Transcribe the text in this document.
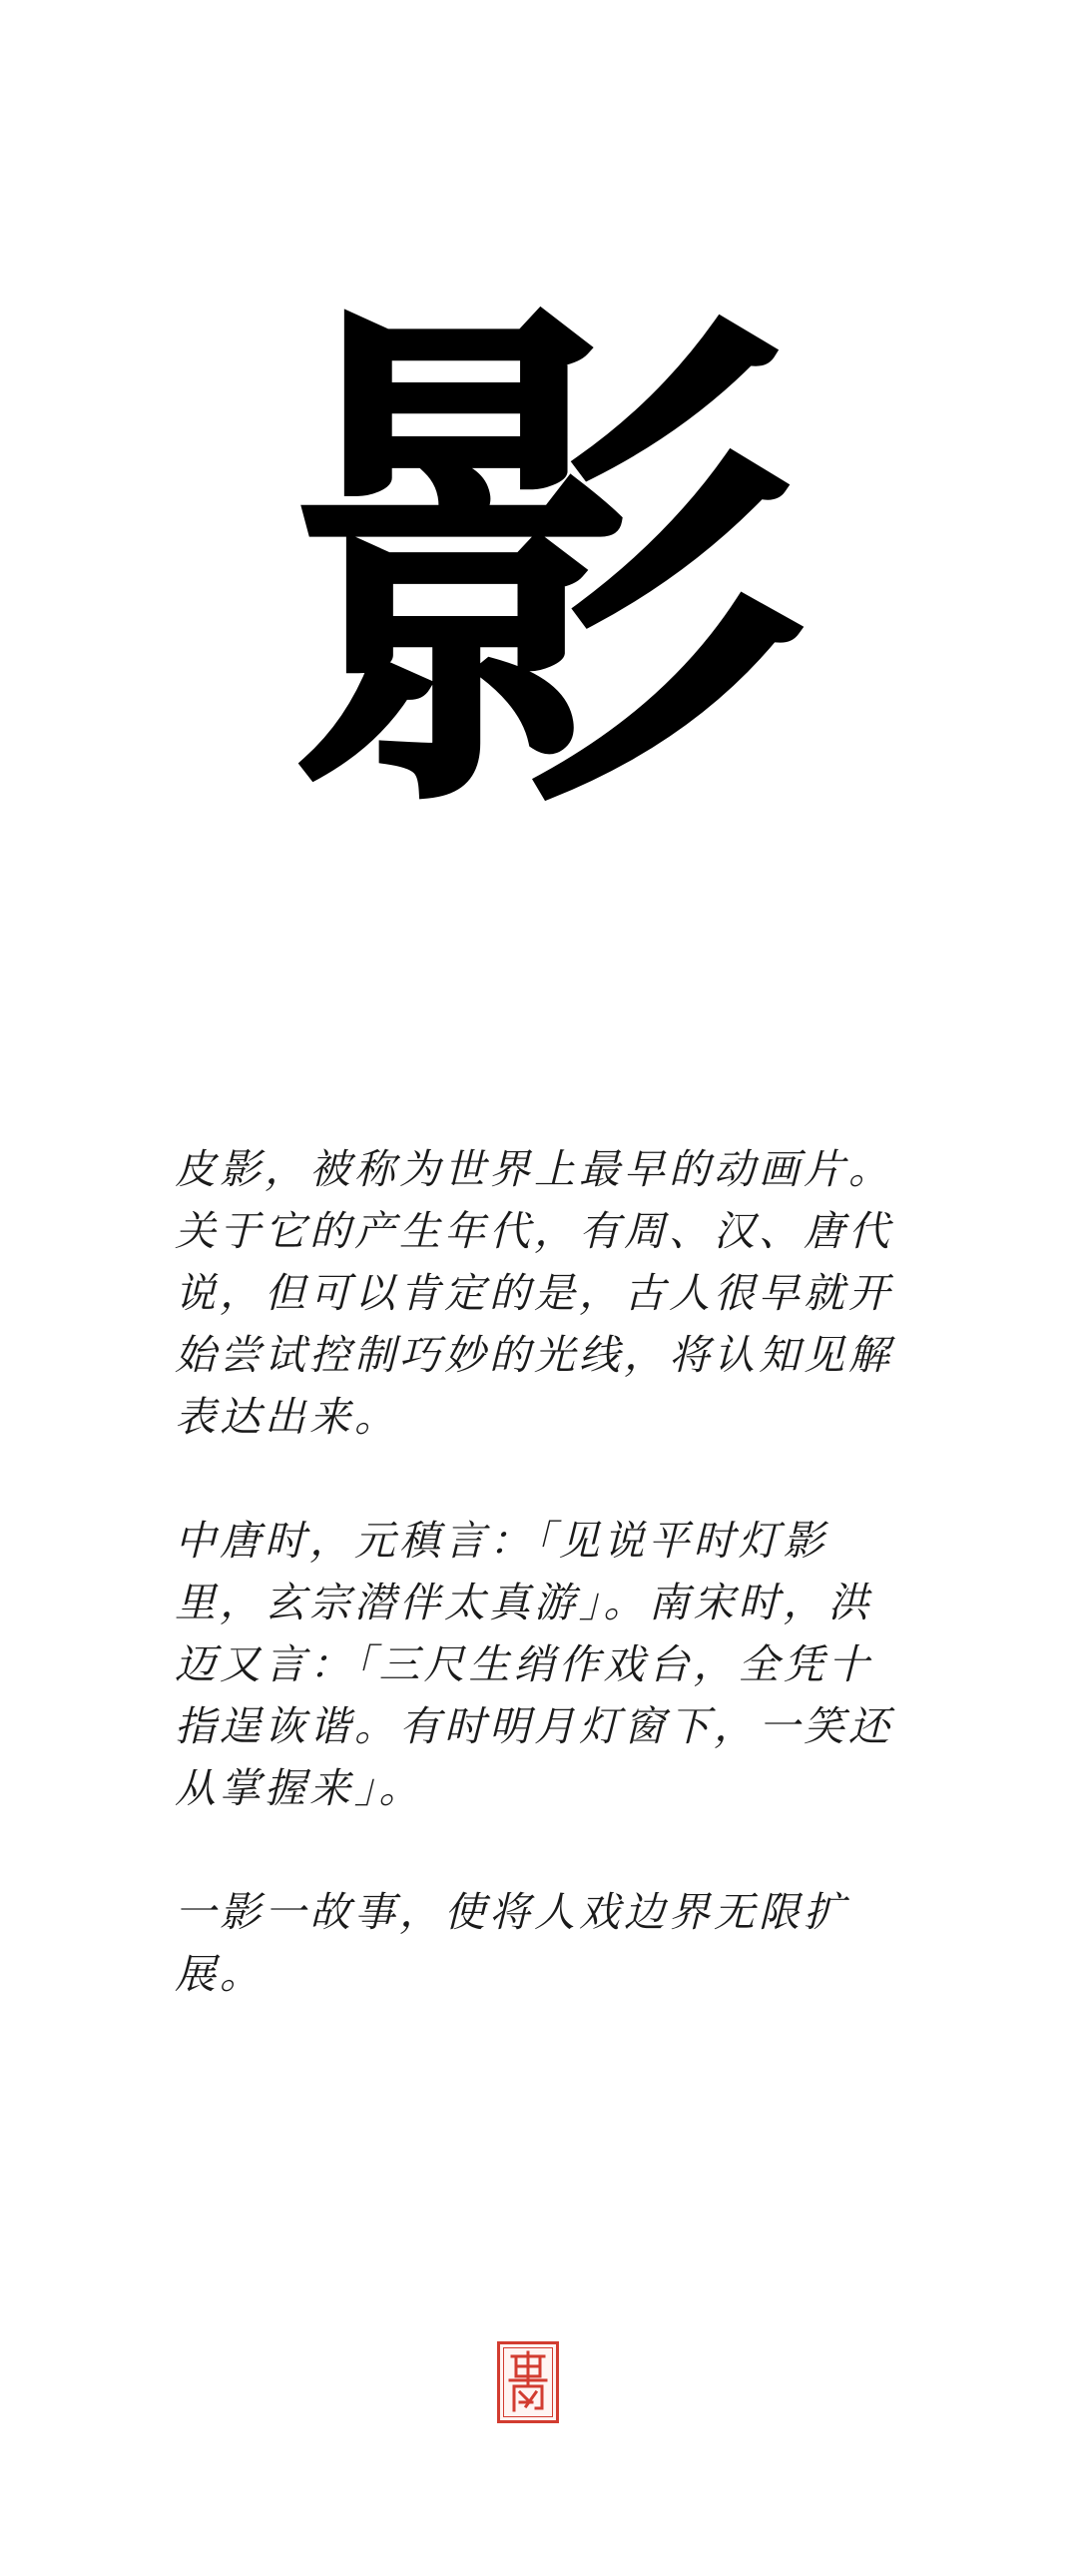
影

皮影，被称为世界上最早的动画片。关于它的产生年代，有周、汉、唐代说，但可以肯定的是，古人很早就开始尝试控制巧妙的光线，将认知见解表达出来。

中唐时，元稹言：「见说平时灯影里，玄宗潜伴太真游」。南宋时，洪迈又言：「三尺生绡作戏台，全凭十指逞诙谐。有时明月灯窗下，一笑还从掌握来」。

一影一故事，使将人戏边界无限扩展。
